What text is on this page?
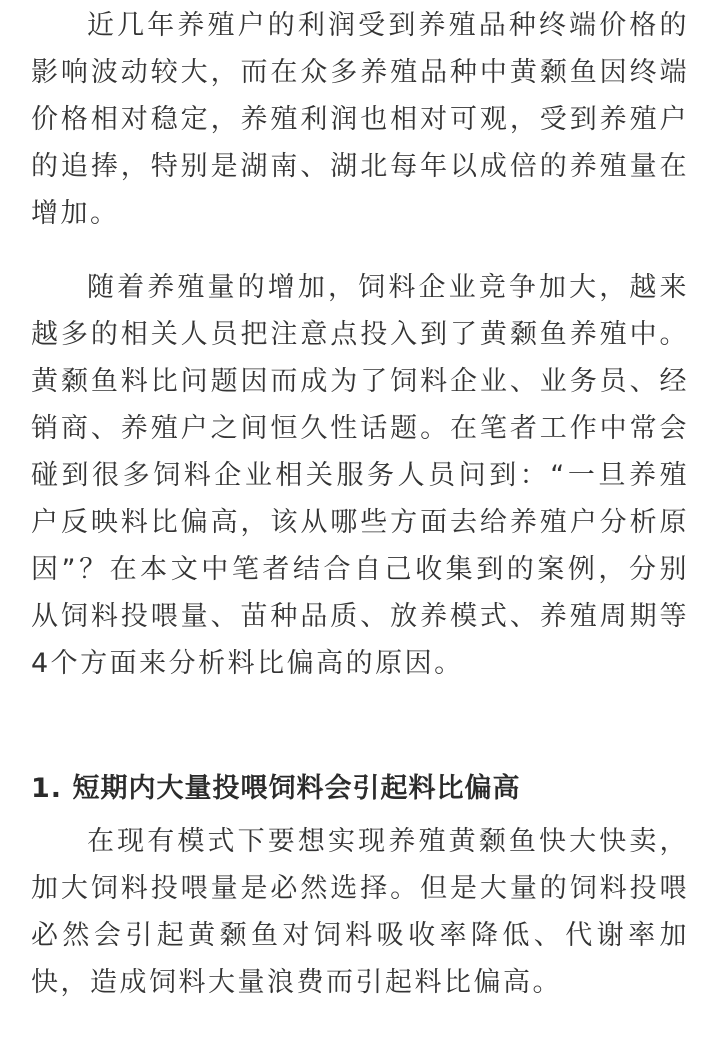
近几年养殖户的利润受到养殖品种终端价格的影响波动较大，而在众多养殖品种中黄颡鱼因终端价格相对稳定，养殖利润也相对可观，受到养殖户的追捧，特别是湖南、湖北每年以成倍的养殖量在增加。

随着养殖量的增加，饲料企业竞争加大，越来越多的相关人员把注意点投入到了黄颡鱼养殖中。黄颡鱼料比问题因而成为了饲料企业、业务员、经销商、养殖户之间恒久性话题。在笔者工作中常会碰到很多饲料企业相关服务人员问到：“一旦养殖户反映料比偏高，该从哪些方面去给养殖户分析原因”？在本文中笔者结合自己收集到的案例，分别从饲料投喂量、苗种品质、放养模式、养殖周期等4个方面来分析料比偏高的原因。

1. 短期内大量投喂饲料会引起料比偏高

在现有模式下要想实现养殖黄颡鱼快大快卖，加大饲料投喂量是必然选择。但是大量的饲料投喂必然会引起黄颡鱼对饲料吸收率降低、代谢率加快，造成饲料大量浪费而引起料比偏高。
